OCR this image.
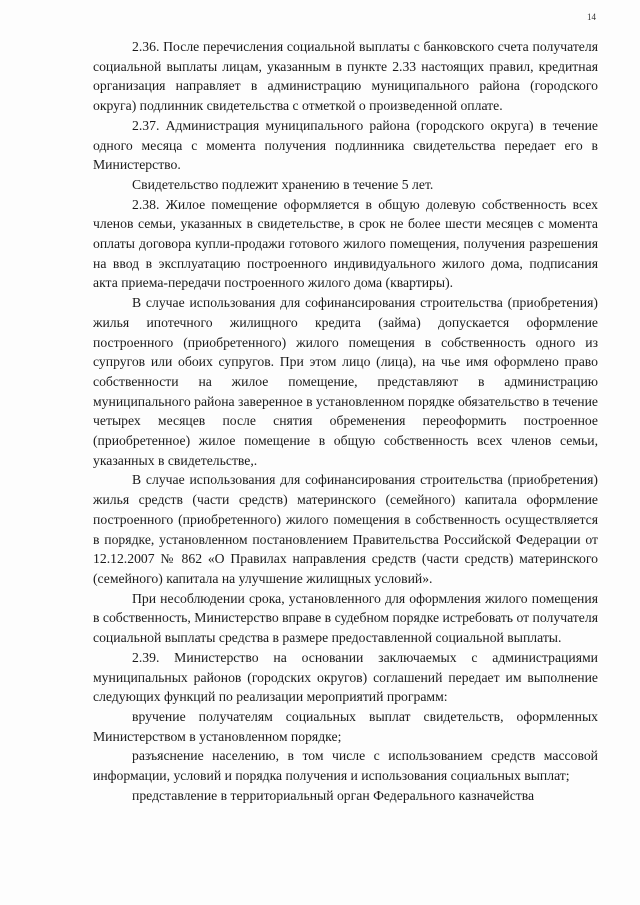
14

2.36. После перечисления социальной выплаты с банковского счета получателя социальной выплаты лицам, указанным в пункте 2.33 настоящих правил, кредитная организация направляет в администрацию муниципального района (городского округа) подлинник свидетельства с отметкой о произведенной оплате.

2.37. Администрация муниципального района (городского округа) в течение одного месяца с момента получения подлинника свидетельства передает его в Министерство.

Свидетельство подлежит хранению в течение 5 лет.

2.38. Жилое помещение оформляется в общую долевую собственность всех членов семьи, указанных в свидетельстве, в срок не более шести месяцев с момента оплаты договора купли-продажи готового жилого помещения, получения разрешения на ввод в эксплуатацию построенного индивидуального жилого дома, подписания акта приема-передачи построенного жилого дома (квартиры).

В случае использования для софинансирования строительства (приобретения) жилья ипотечного жилищного кредита (займа) допускается оформление построенного (приобретенного) жилого помещения в собственность одного из супругов или обоих супругов. При этом лицо (лица), на чье имя оформлено право собственности на жилое помещение, представляют в администрацию муниципального района заверенное в установленном порядке обязательство в течение четырех месяцев после снятия обременения переоформить построенное (приобретенное) жилое помещение в общую собственность всех членов семьи, указанных в свидетельстве,.

В случае использования для софинансирования строительства (приобретения) жилья средств (части средств) материнского (семейного) капитала оформление построенного (приобретенного) жилого помещения в собственность осуществляется в порядке, установленном постановлением Правительства Российской Федерации от 12.12.2007 № 862 «О Правилах направления средств (части средств) материнского (семейного) капитала на улучшение жилищных условий».

При несоблюдении срока, установленного для оформления жилого помещения в собственность, Министерство вправе в судебном порядке истребовать от получателя социальной выплаты средства в размере предоставленной социальной выплаты.

2.39. Министерство на основании заключаемых с администрациями муниципальных районов (городских округов) соглашений передает им выполнение следующих функций по реализации мероприятий программ:

вручение получателям социальных выплат свидетельств, оформленных Министерством в установленном порядке;

разъяснение населению, в том числе с использованием средств массовой информации, условий и порядка получения и использования социальных выплат;

представление в территориальный орган Федерального казначейства
